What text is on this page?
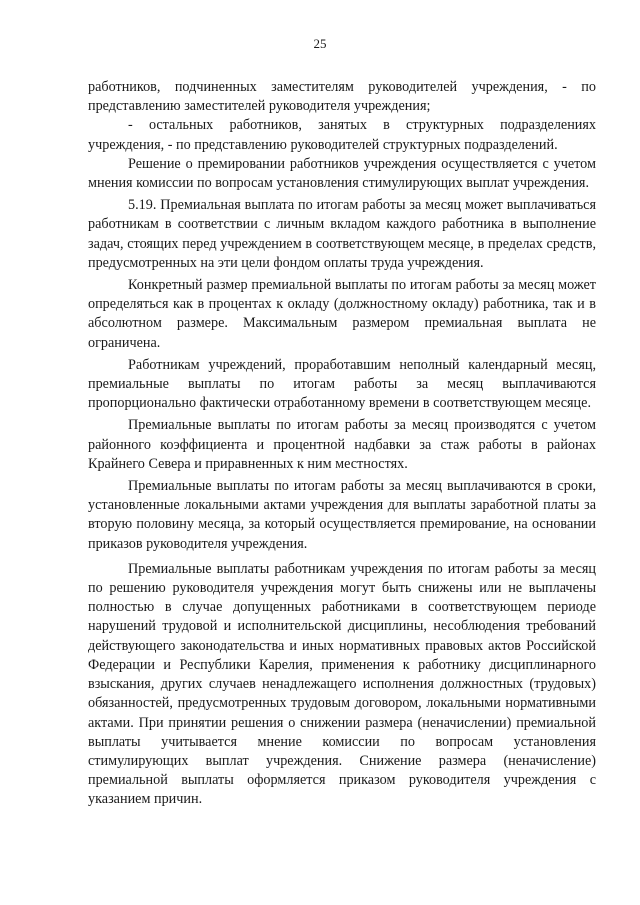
25

работников, подчиненных заместителям руководителей учреждения, - по представлению заместителей руководителя учреждения;

- остальных работников, занятых в структурных подразделениях учреждения, - по представлению руководителей структурных подразделений.

Решение о премировании работников учреждения осуществляется с учетом мнения комиссии по вопросам установления стимулирующих выплат учреждения.

5.19. Премиальная выплата по итогам работы за месяц может выплачиваться работникам в соответствии с личным вкладом каждого работника в выполнение задач, стоящих перед учреждением в соответствующем месяце, в пределах средств, предусмотренных на эти цели фондом оплаты труда учреждения.

Конкретный размер премиальной выплаты по итогам работы за месяц может определяться как в процентах к окладу (должностному окладу) работника, так и в абсолютном размере. Максимальным размером премиальная выплата не ограничена.

Работникам учреждений, проработавшим неполный календарный месяц, премиальные выплаты по итогам работы за месяц выплачиваются пропорционально фактически отработанному времени в соответствующем месяце.

Премиальные выплаты по итогам работы за месяц производятся с учетом районного коэффициента и процентной надбавки за стаж работы в районах Крайнего Севера и приравненных к ним местностях.

Премиальные выплаты по итогам работы за месяц выплачиваются в сроки, установленные локальными актами учреждения для выплаты заработной платы за вторую половину месяца, за который осуществляется премирование, на основании приказов руководителя учреждения.

Премиальные выплаты работникам учреждения по итогам работы за месяц по решению руководителя учреждения могут быть снижены или не выплачены полностью в случае допущенных работниками в соответствующем периоде нарушений трудовой и исполнительской дисциплины, несоблюдения требований действующего законодательства и иных нормативных правовых актов Российской Федерации и Республики Карелия, применения к работнику дисциплинарного взыскания, других случаев ненадлежащего исполнения должностных (трудовых) обязанностей, предусмотренных трудовым договором, локальными нормативными актами. При принятии решения о снижении размера (неначислении) премиальной выплаты учитывается мнение комиссии по вопросам установления стимулирующих выплат учреждения. Снижение размера (неначисление) премиальной выплаты оформляется приказом руководителя учреждения с указанием причин.
